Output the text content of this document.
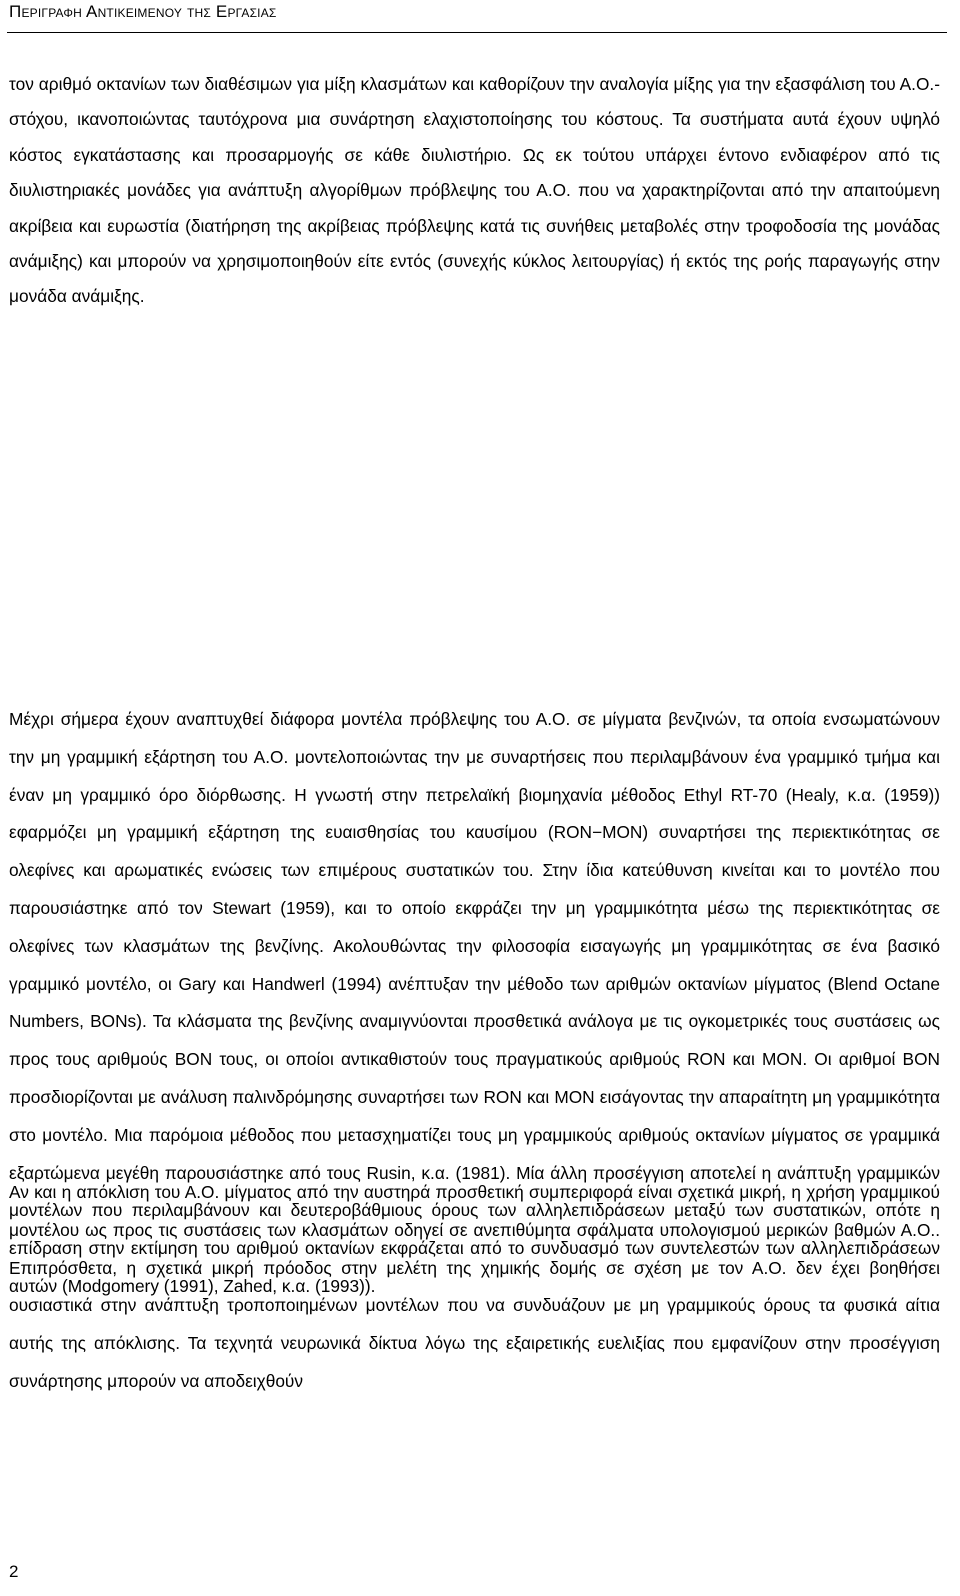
Περιγραφη Αντικειμενου της Εργασιας

τον αριθμό οκτανίων των διαθέσιμων για μίξη κλασμάτων και καθορίζουν την αναλογία μίξης για την εξασφάλιση του Α.Ο.-στόχου, ικανοποιώντας ταυτόχρονα μια συνάρτηση ελαχιστοποίησης του κόστους. Τα συστήματα αυτά έχουν υψηλό κόστος εγκατάστασης και προσαρμογής σε κάθε διυλιστήριο. Ως εκ τούτου υπάρχει έντονο ενδιαφέρον από τις διυλιστηριακές μονάδες για ανάπτυξη αλγορίθμων πρόβλεψης του Α.Ο. που να χαρακτηρίζονται από την απαιτούμενη ακρίβεια και ευρωστία (διατήρηση της ακρίβειας πρόβλεψης κατά τις συνήθεις μεταβολές στην τροφοδοσία της μονάδας ανάμιξης) και μπορούν να χρησιμοποιηθούν είτε εντός (συνεχής κύκλος λειτουργίας) ή εκτός της ροής παραγωγής στην μονάδα ανάμιξης.

Μέχρι σήμερα έχουν αναπτυχθεί διάφορα μοντέλα πρόβλεψης του Α.Ο. σε μίγματα βενζινών, τα οποία ενσωματώνουν την μη γραμμική εξάρτηση του Α.Ο. μοντελοποιώντας την με συναρτήσεις που περιλαμβάνουν ένα γραμμικό τμήμα και έναν μη γραμμικό όρο διόρθωσης. Η γνωστή στην πετρελαϊκή βιομηχανία μέθοδος Ethyl RT-70 (Healy, κ.α. (1959)) εφαρμόζει μη γραμμική εξάρτηση της ευαισθησίας του καυσίμου (RON−MON) συναρτήσει της περιεκτικότητας σε ολεφίνες και αρωματικές ενώσεις των επιμέρους συστατικών του. Στην ίδια κατεύθυνση κινείται και το μοντέλο που παρουσιάστηκε από τον Stewart (1959), και το οποίο εκφράζει την μη γραμμικότητα μέσω της περιεκτικότητας σε ολεφίνες των κλασμάτων της βενζίνης. Ακολουθώντας την φιλοσοφία εισαγωγής μη γραμμικότητας σε ένα βασικό γραμμικό μοντέλο, οι Gary και Handwerl (1994) ανέπτυξαν την μέθοδο των αριθμών οκτανίων μίγματος (Blend Octane Numbers, BONs). Τα κλάσματα της βενζίνης αναμιγνύονται προσθετικά ανάλογα με τις ογκομετρικές τους συστάσεις ως προς τους αριθμούς BON τους, οι οποίοι αντικαθιστούν τους πραγματικούς αριθμούς RON και MON. Οι αριθμοί BON προσδιορίζονται με ανάλυση παλινδρόμησης συναρτήσει των RON και MON εισάγοντας την απαραίτητη μη γραμμικότητα στο μοντέλο. Μια παρόμοια μέθοδος που μετασχηματίζει τους μη γραμμικούς αριθμούς οκτανίων μίγματος σε γραμμικά εξαρτώμενα μεγέθη παρουσιάστηκε από τους Rusin, κ.α. (1981). Μία άλλη προσέγγιση αποτελεί η ανάπτυξη γραμμικών μοντέλων που περιλαμβάνουν και δευτεροβάθμιους όρους των αλληλεπιδράσεων μεταξύ των συστατικών, οπότε η επίδραση στην εκτίμηση του αριθμού οκτανίων εκφράζεται από το συνδυασμό των συντελεστών των αλληλεπιδράσεων αυτών (Modgomery (1991), Zahed, κ.α. (1993)).

Αν και η απόκλιση του Α.Ο. μίγματος από την αυστηρά προσθετική συμπεριφορά είναι σχετικά μικρή, η χρήση γραμμικού μοντέλου ως προς τις συστάσεις των κλασμάτων οδηγεί σε ανεπιθύμητα σφάλματα υπολογισμού μερικών βαθμών Α.Ο.. Επιπρόσθετα, η σχετικά μικρή πρόοδος στην μελέτη της χημικής δομής σε σχέση με τον Α.Ο. δεν έχει βοηθήσει ουσιαστικά στην ανάπτυξη τροποποιημένων μοντέλων που να συνδυάζουν με μη γραμμικούς όρους τα φυσικά αίτια αυτής της απόκλισης. Τα τεχνητά νευρωνικά δίκτυα λόγω της εξαιρετικής ευελιξίας που εμφανίζουν στην προσέγγιση συνάρτησης μπορούν να αποδειχθούν

2
